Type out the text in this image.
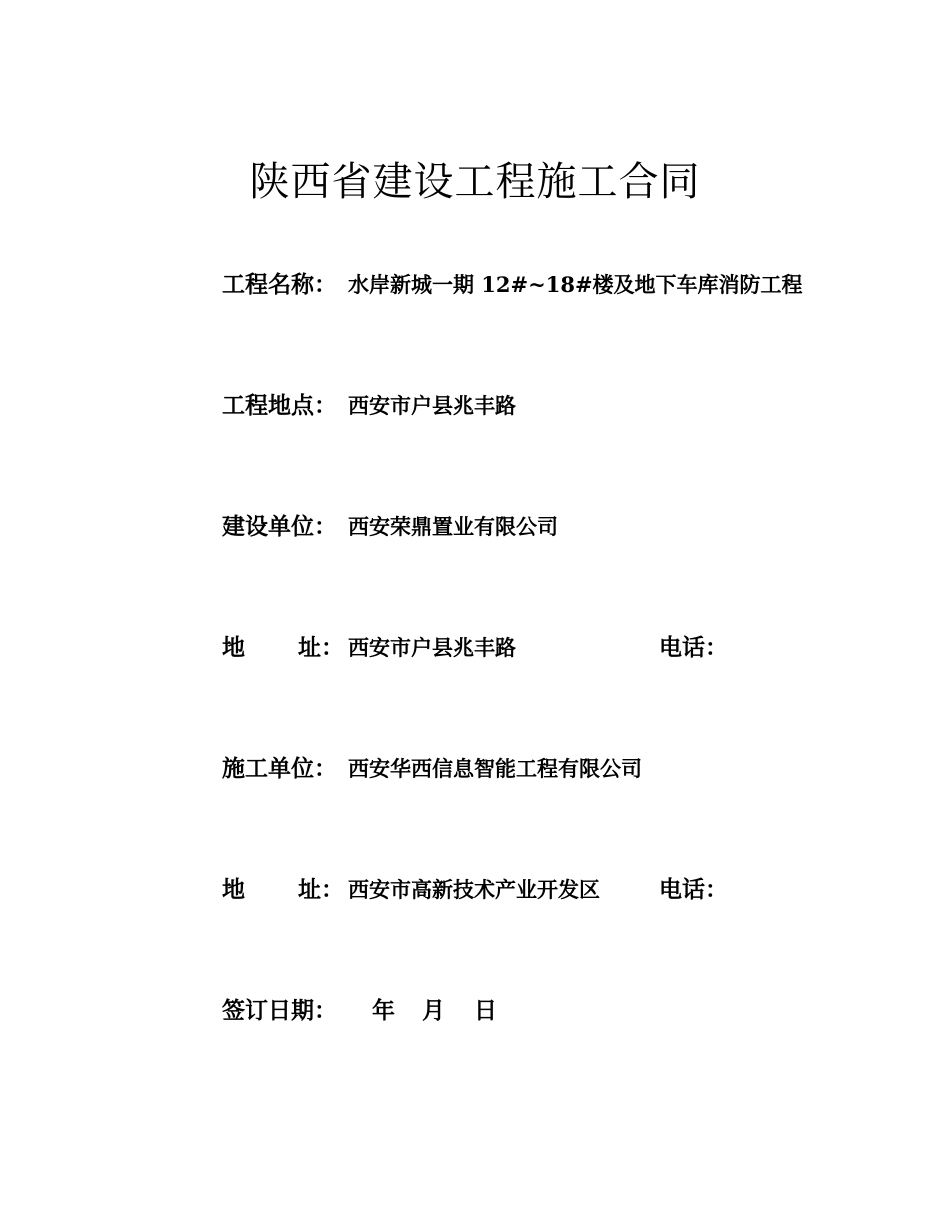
陕西省建设工程施工合同
工程名称： 水岸新城一期 12#~18#楼及地下车库消防工程
工程地点： 西安市户县兆丰路
建设单位： 西安荣鼎置业有限公司
地 址： 西安市户县兆丰路	电话：
施工单位： 西安华西信息智能工程有限公司
地 址： 西安市高新技术产业开发区	电话：
签订日期： 年 月 日
